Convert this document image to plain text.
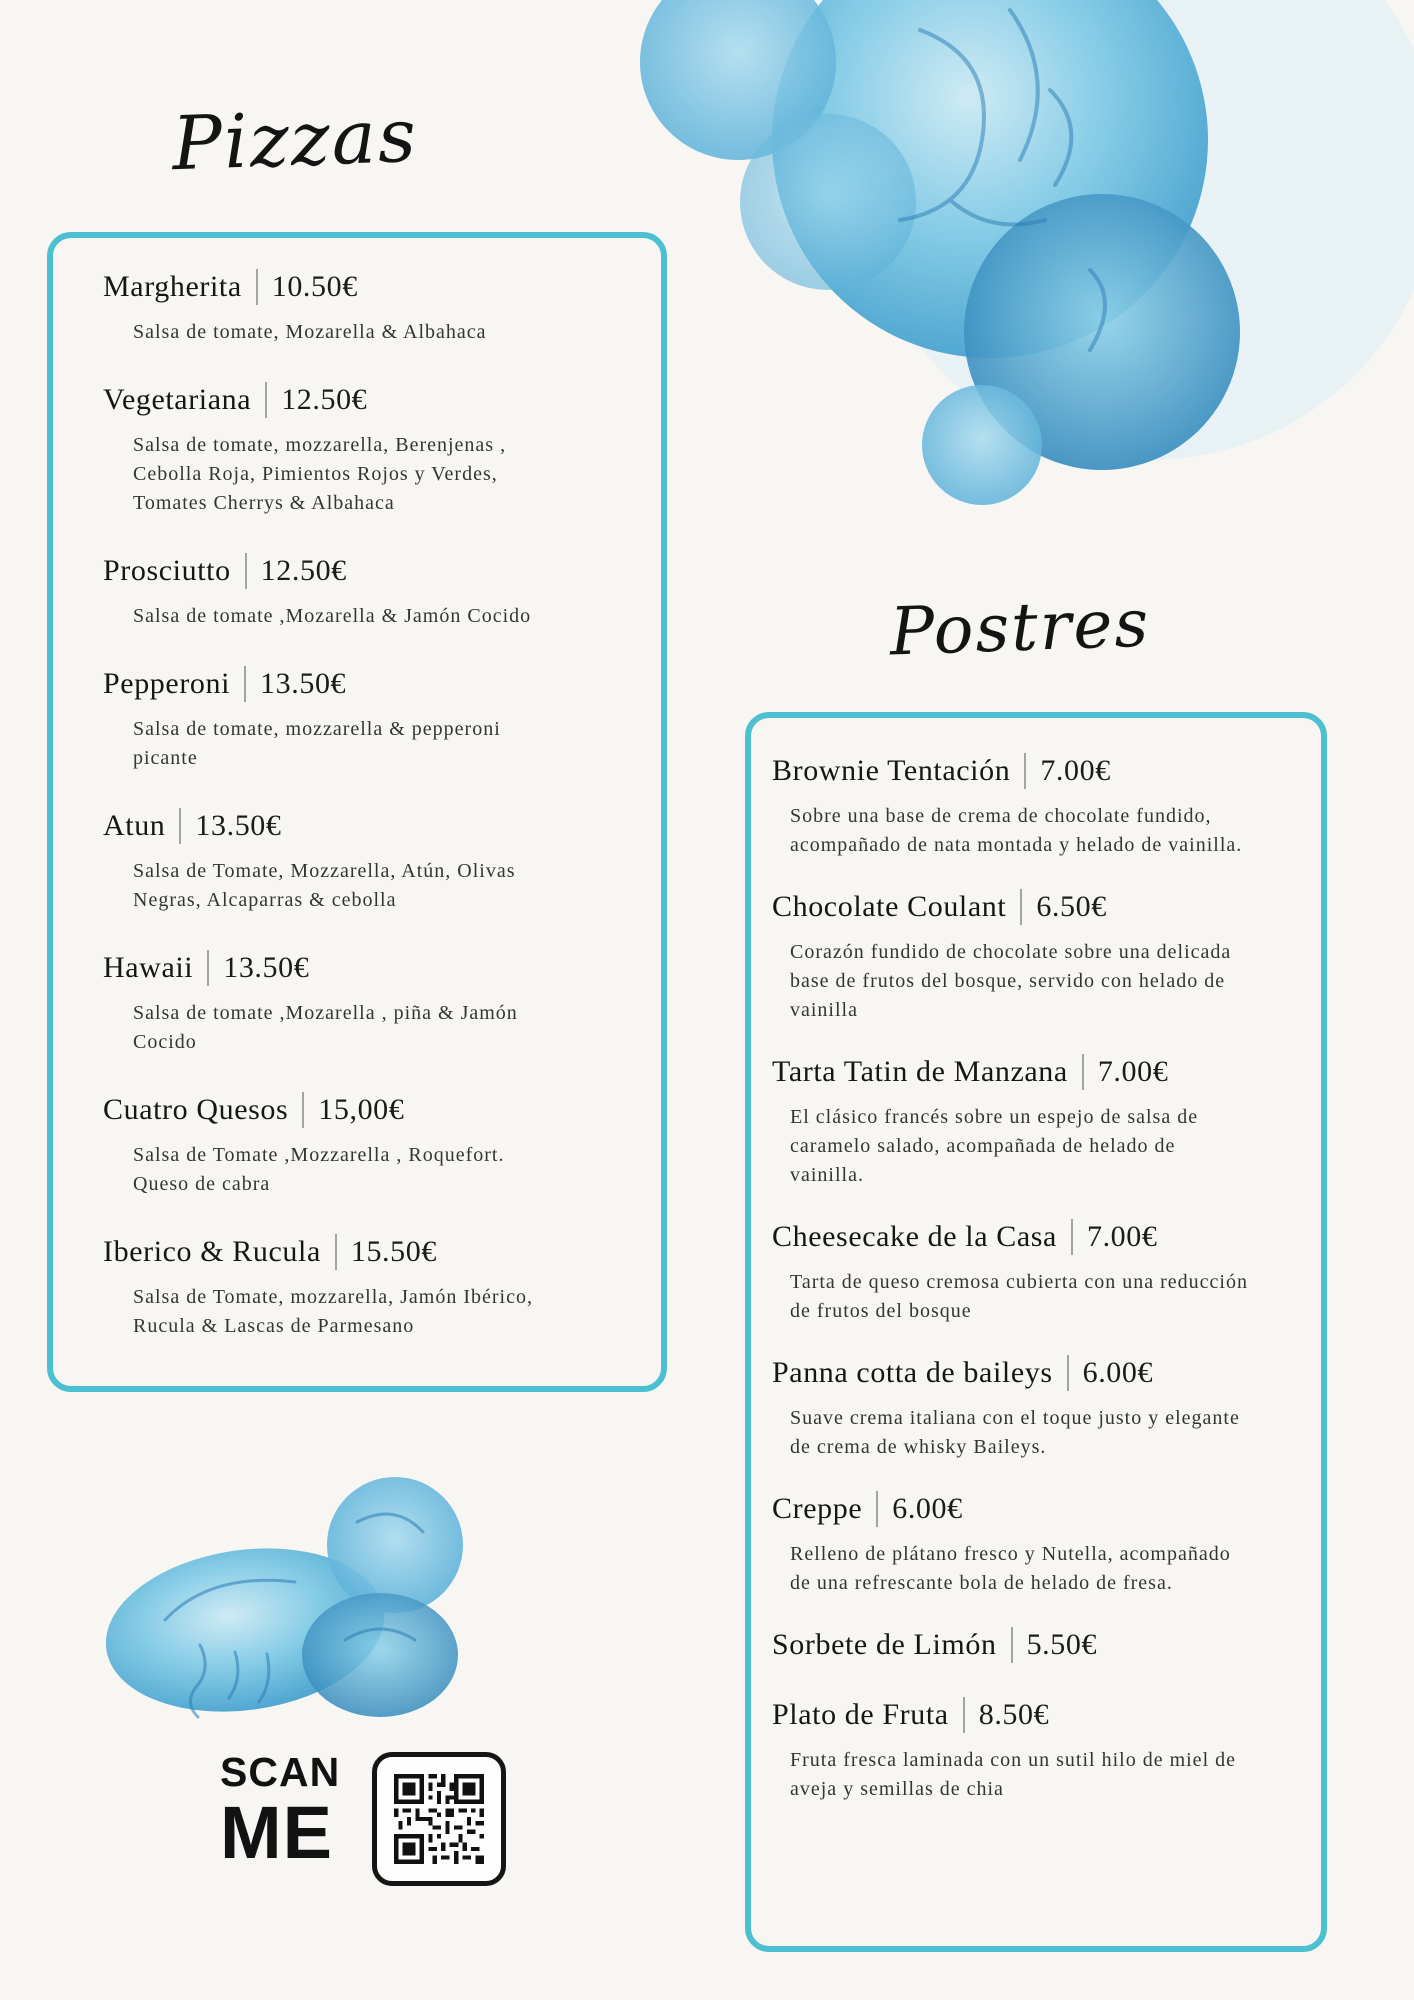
Pizzas
Margherita 10.50€

Salsa de tomate, Mozarella & Albahaca

Vegetariana 12.50€

Salsa de tomate, mozzarella, Berenjenas , Cebolla Roja, Pimientos Rojos y Verdes, Tomates Cherrys & Albahaca

Prosciutto 12.50€

Salsa de tomate ,Mozarella & Jamón Cocido

Pepperoni 13.50€

Salsa de tomate, mozzarella & pepperoni picante

Atun 13.50€

Salsa de Tomate, Mozzarella, Atún, Olivas Negras, Alcaparras & cebolla

Hawaii 13.50€

Salsa de tomate ,Mozarella , piña & Jamón Cocido

Cuatro Quesos 15,00€

Salsa de Tomate ,Mozzarella , Roquefort. Queso de cabra

Iberico & Rucula 15.50€

Salsa de Tomate, mozzarella, Jamón Ibérico, Rucula & Lascas de Parmesano

Postres
Brownie Tentación 7.00€

Sobre una base de crema de chocolate fundido, acompañado de nata montada y helado de vainilla.

Chocolate Coulant 6.50€

Corazón fundido de chocolate sobre una delicada base de frutos del bosque, servido con helado de vainilla

Tarta Tatin de Manzana 7.00€

El clásico francés sobre un espejo de salsa de caramelo salado, acompañada de helado de vainilla.

Cheesecake de la Casa 7.00€

Tarta de queso cremosa cubierta con una reducción de frutos del bosque

Panna cotta de baileys 6.00€

Suave crema italiana con el toque justo y elegante de crema de whisky Baileys.

Creppe 6.00€

Relleno de plátano fresco y Nutella, acompañado de una refrescante bola de helado de fresa.

Sorbete de Limón 5.50€
Plato de Fruta 8.50€

Fruta fresca laminada con un sutil hilo de miel de aveja y semillas de chia

SCAN
ME
